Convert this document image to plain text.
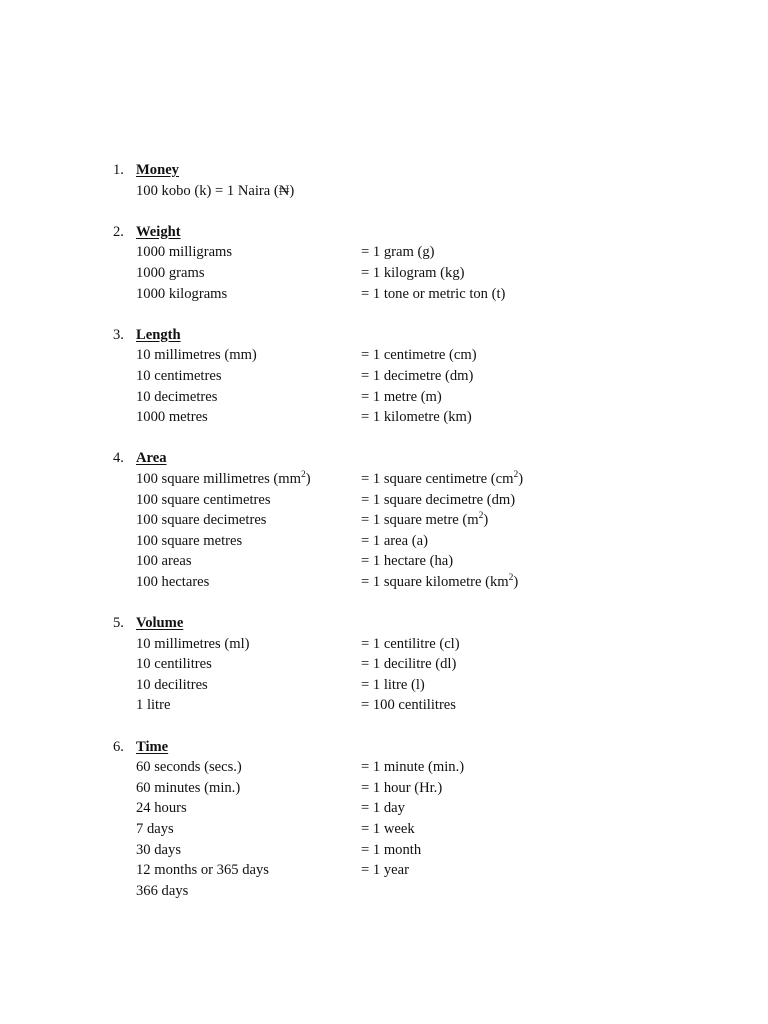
1. Money
100 kobo (k) = 1 Naira (₦)
2. Weight
1000 milligrams	= 1 gram (g)
1000 grams	= 1 kilogram (kg)
1000 kilograms	= 1 tone or metric ton (t)
3. Length
10 millimetres (mm)	= 1 centimetre (cm)
10 centimetres	= 1 decimetre (dm)
10 decimetres	= 1 metre (m)
1000 metres	= 1 kilometre (km)
4. Area
100 square millimetres $(mm^2)$	= 1 square centimetre $(cm^2)$
100 square centimetres	= 1 square decimetre (dm)
100 square decimetres	= 1 square metre $(m^2)$
100 square metres	= 1 area (a)
100 areas	= 1 hectare (ha)
100 hectares	= 1 square kilometre $(km^2)$
5. Volume
10 millimetres (ml)	= 1 centilitre (cl)
10 centilitres	= 1 decilitre (dl)
10 decilitres	= 1 litre (l)
1 litre	= 100 centilitres
6. Time
60 seconds (secs.)	= 1 minute (min.)
60 minutes (min.)	= 1 hour (Hr.)
24 hours	= 1 day
7 days	= 1 week
30 days	= 1 month
12 months or 365 days	= 1 year
366 days
